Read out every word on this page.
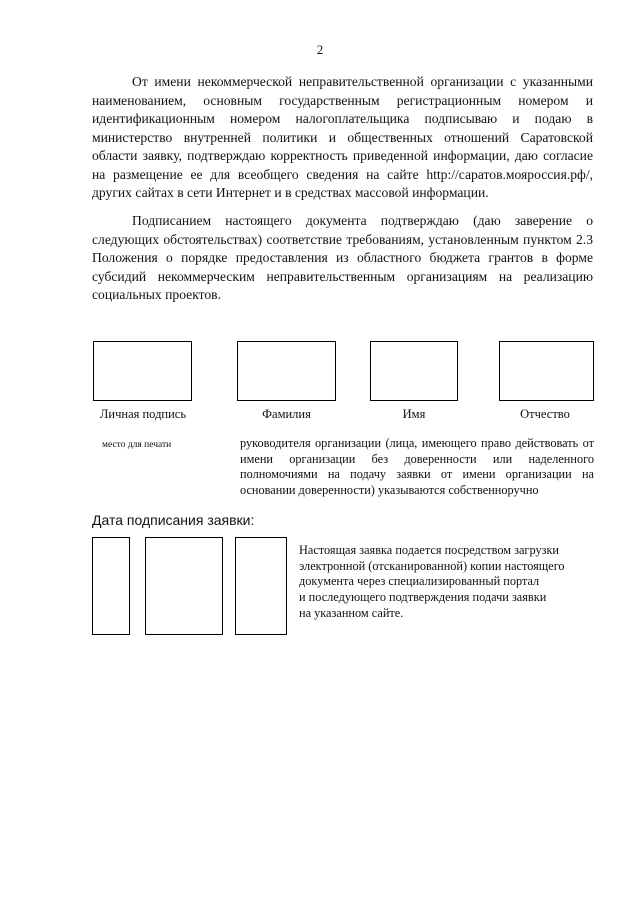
2
От имени некоммерческой неправительственной организации с указанными наименованием, основным государственным регистрационным номером и идентификационным номером налогоплательщика подписываю и подаю в министерство внутренней политики и общественных отношений Саратовской области заявку, подтверждаю корректность приведенной информации, даю согласие на размещение ее для всеобщего сведения на сайте http://саратов.мояроссия.рф/, других сайтах в сети Интернет и в средствах массовой информации.
Подписанием настоящего документа подтверждаю (даю заверение о следующих обстоятельствах) соответствие требованиям, установленным пунктом 2.3 Положения о порядке предоставления из областного бюджета грантов в форме субсидий некоммерческим неправительственным организациям на реализацию социальных проектов.
Личная подпись	Фамилия	Имя	Отчество
место для печати	руководителя организации (лица, имеющего право действовать от имени организации без доверенности или наделенного полномочиями на подачу заявки от имени организации на основании доверенности) указываются собственноручно
Дата подписания заявки:
Настоящая заявка подается посредством загрузки
электронной (отсканированной) копии настоящего
документа через специализированный портал
и последующего подтверждения подачи заявки
на указанном сайте.
